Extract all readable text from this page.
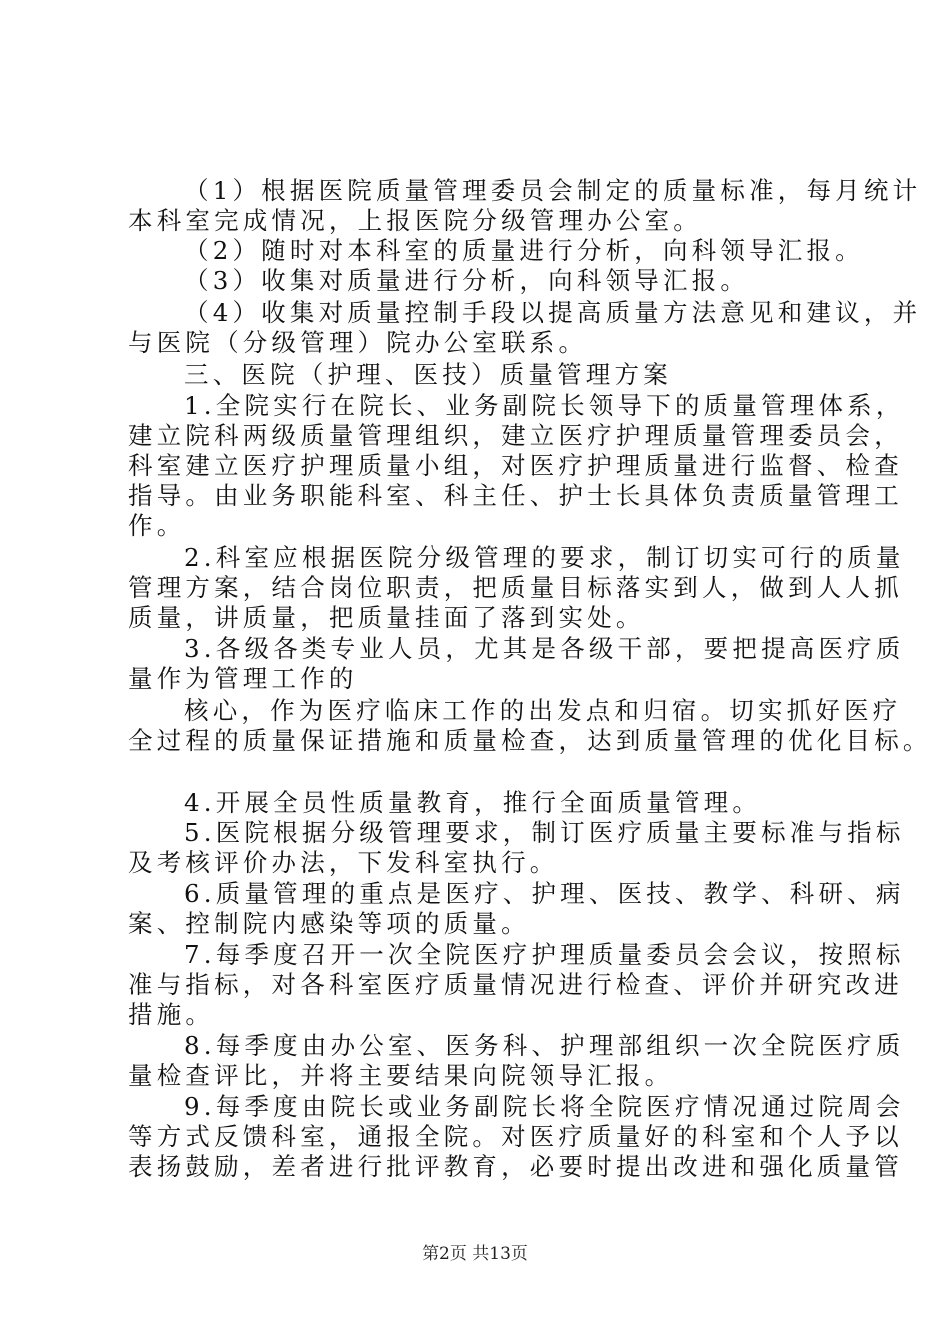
（1）根据医院质量管理委员会制定的质量标准，每月统计
本科室完成情况，上报医院分级管理办公室。
（2）随时对本科室的质量进行分析，向科领导汇报。
（3）收集对质量进行分析，向科领导汇报。
（4）收集对质量控制手段以提高质量方法意见和建议，并
与医院（分级管理）院办公室联系。
三、医院（护理、医技）质量管理方案
1.全院实行在院长、业务副院长领导下的质量管理体系，
建立院科两级质量管理组织，建立医疗护理质量管理委员会，
科室建立医疗护理质量小组，对医疗护理质量进行监督、检查
指导。由业务职能科室、科主任、护士长具体负责质量管理工
作。
2.科室应根据医院分级管理的要求，制订切实可行的质量
管理方案，结合岗位职责，把质量目标落实到人，做到人人抓
质量，讲质量，把质量挂面了落到实处。
3.各级各类专业人员，尤其是各级干部，要把提高医疗质
量作为管理工作的
核心，作为医疗临床工作的出发点和归宿。切实抓好医疗
全过程的质量保证措施和质量检查，达到质量管理的优化目标。
4.开展全员性质量教育，推行全面质量管理。
5.医院根据分级管理要求，制订医疗质量主要标准与指标
及考核评价办法，下发科室执行。
6.质量管理的重点是医疗、护理、医技、教学、科研、病
案、控制院内感染等项的质量。
7.每季度召开一次全院医疗护理质量委员会会议，按照标
准与指标，对各科室医疗质量情况进行检查、评价并研究改进
措施。
8.每季度由办公室、医务科、护理部组织一次全院医疗质
量检查评比，并将主要结果向院领导汇报。
9.每季度由院长或业务副院长将全院医疗情况通过院周会
等方式反馈科室，通报全院。对医疗质量好的科室和个人予以
表扬鼓励，差者进行批评教育，必要时提出改进和强化质量管
第2页 共13页
